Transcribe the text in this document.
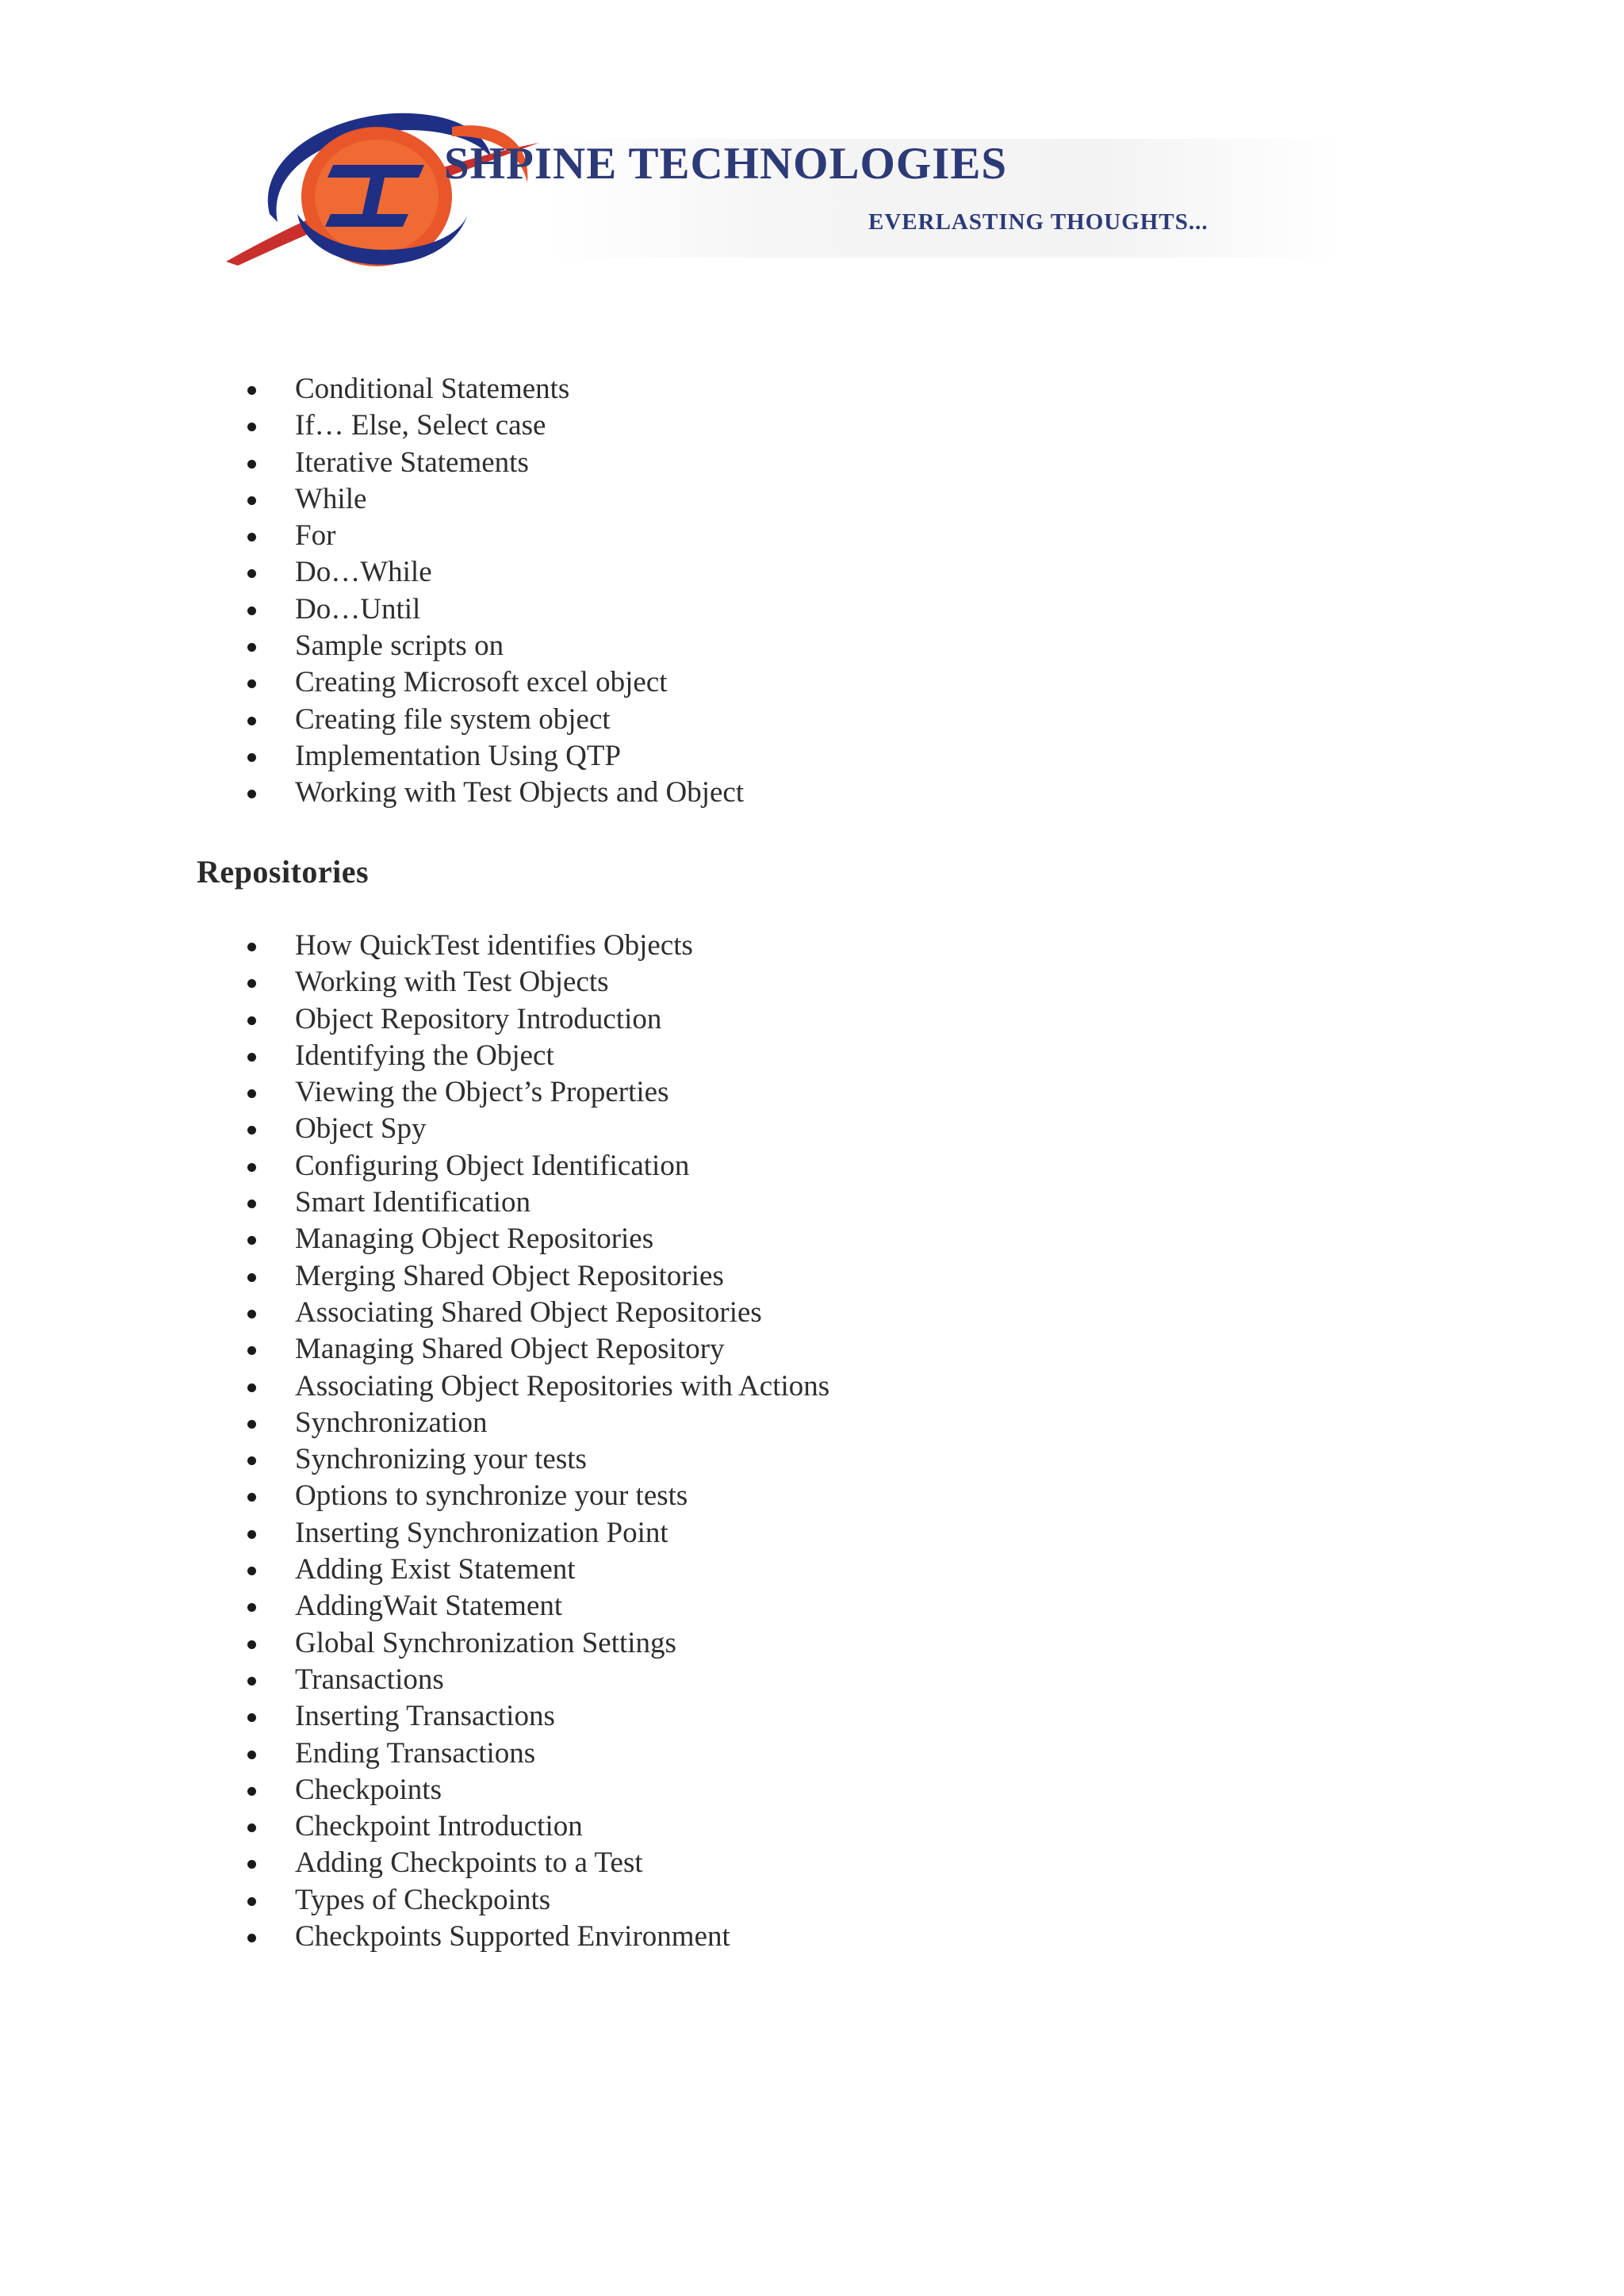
SHPINE TECHNOLOGIES

EVERLASTING THOUGHTS...

Conditional Statements
If… Else, Select case
Iterative Statements
While
For
Do…While
Do…Until
Sample scripts on
Creating Microsoft excel object
Creating file system object
Implementation Using QTP
Working with Test Objects and Object
Repositories
How QuickTest identifies Objects
Working with Test Objects
Object Repository Introduction
Identifying the Object
Viewing the Object’s Properties
Object Spy
Configuring Object Identification
Smart Identification
Managing Object Repositories
Merging Shared Object Repositories
Associating Shared Object Repositories
Managing Shared Object Repository
Associating Object Repositories with Actions
Synchronization
Synchronizing your tests
Options to synchronize your tests
Inserting Synchronization Point
Adding Exist Statement
AddingWait Statement
Global Synchronization Settings
Transactions
Inserting Transactions
Ending Transactions
Checkpoints
Checkpoint Introduction
Adding Checkpoints to a Test
Types of Checkpoints
Checkpoints Supported Environment
